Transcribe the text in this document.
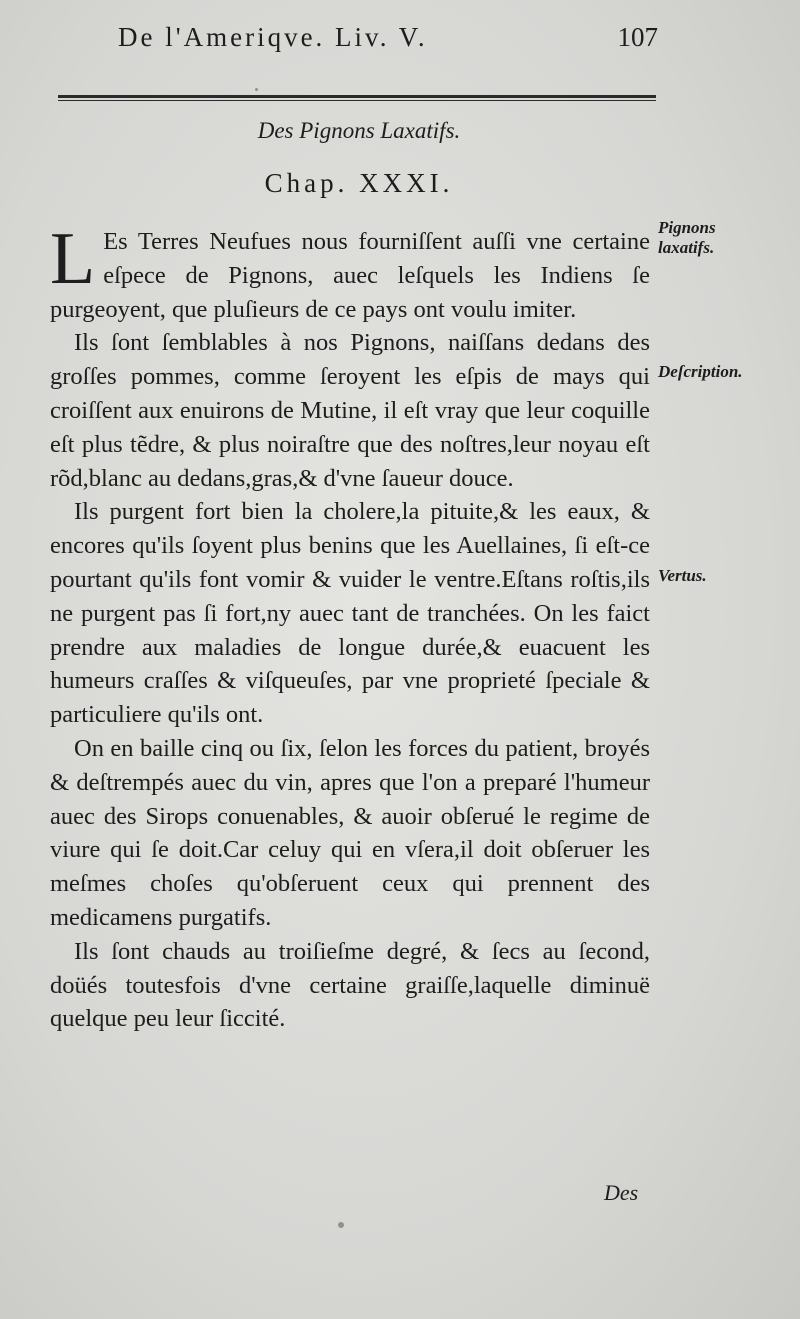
De l'Ameriqve. Liv. V.	107
Des Pignons Laxatifs.
Chap. XXXI.

L Es Terres Neufues nous fourniſſent auſſi vne certaine eſpece de Pignons, auec leſquels les Indiens ſe purgeoyent, que pluſieurs de ce pays ont voulu imiter.

Ils ſont ſemblables à nos Pignons, naiſſans dedans des groſſes pommes, comme ſeroyent les eſpis de mays qui croiſſent aux enuirons de Mutine, il eſt vray que leur coquille eſt plus tẽdre, & plus noiraſtre que des noſtres,leur noyau eſt rõd,blanc au dedans,gras,& d'vne ſaueur douce.

Ils purgent fort bien la cholere,la pituite,& les eaux, & encores qu'ils ſoyent plus benins que les Auellaines, ſi eſt-ce pourtant qu'ils font vomir & vuider le ventre.Eſtans roſtis,ils ne purgent pas ſi fort,ny auec tant de tranchées. On les faict prendre aux maladies de longue durée,& euacuent les humeurs craſſes & viſqueuſes, par vne proprieté ſpeciale & particuliere qu'ils ont.

On en baille cinq ou ſix, ſelon les forces du patient, broyés & deſtrempés auec du vin, apres que l'on a preparé l'humeur auec des Sirops conuenables, & auoir obſerué le regime de viure qui ſe doit.Car celuy qui en vſera,il doit obſeruer les meſmes choſes qu'obſeruent ceux qui prennent des medicamens purgatifs.

Ils ſont chauds au troiſieſme degré, & ſecs au ſecond, doüés toutesfois d'vne certaine graiſſe,laquelle diminuë quelque peu leur ſiccité.

Pignons laxatifs.
Deſcription.
Vertus.
Des
